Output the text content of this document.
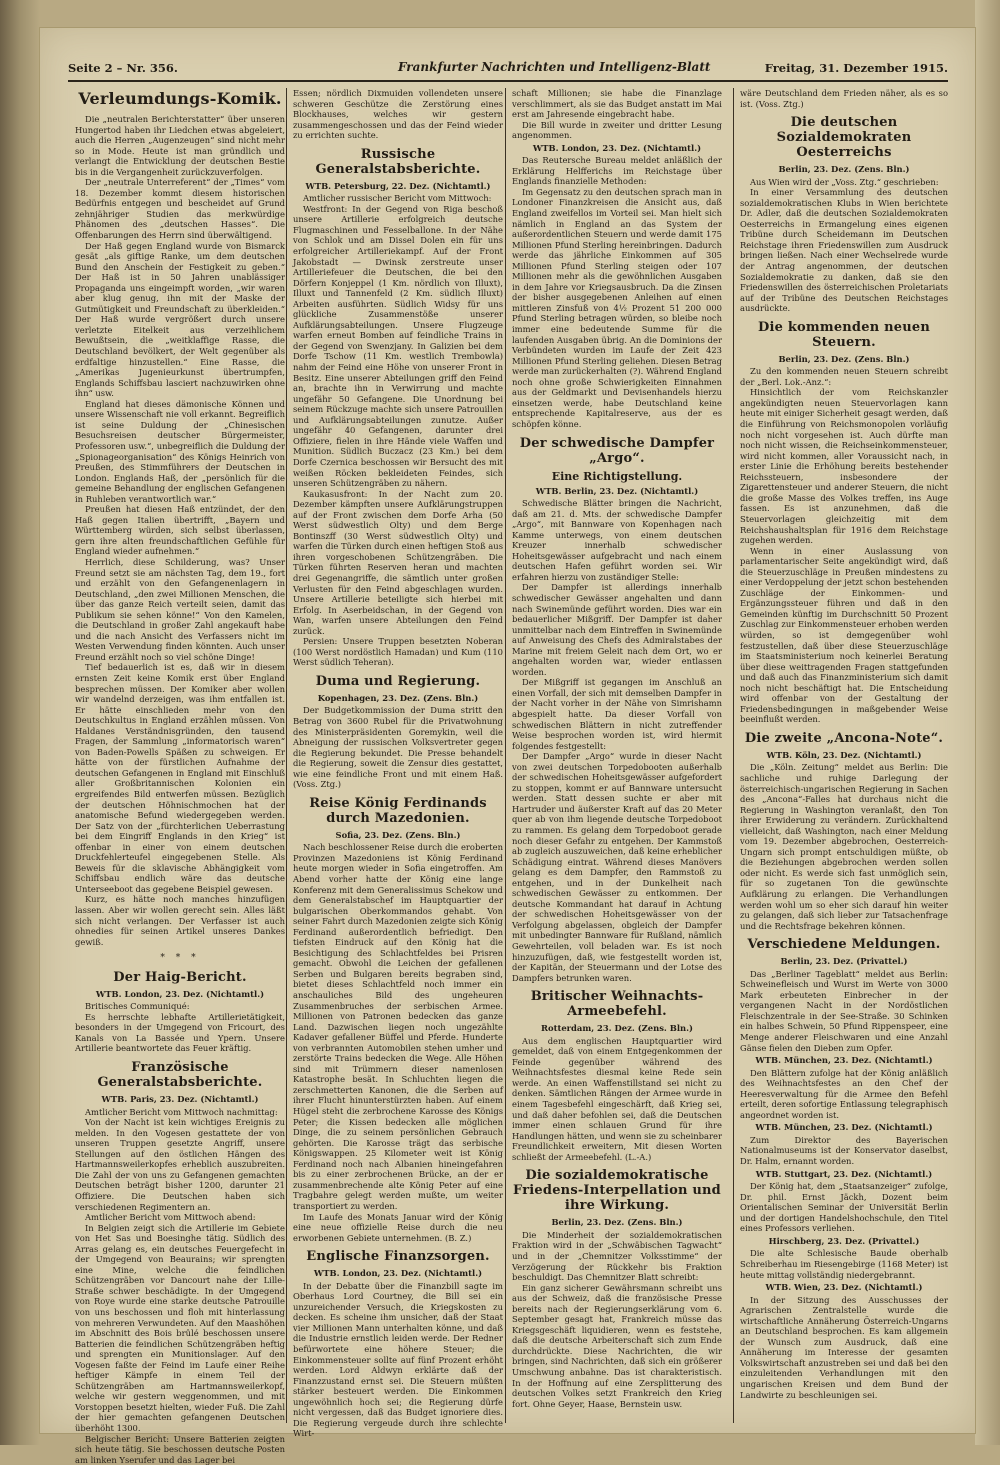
Seite 2 – Nr. 356.	Frankfurter Nachrichten und Intelligenz-Blatt	Freitag, 31. Dezember 1915.
Verleumdungs-Komik.

Die „neutralen Berichterstatter“ über unseren Hungertod haben ihr Liedchen etwas abgeleiert, auch die Herren „Augenzeugen“ sind nicht mehr so in Mode. Heute ist man gründlich und verlangt die Entwicklung der deutschen Bestie bis in die Vergangenheit zurückzuverfolgen.

Der „neutrale Unterreferent“ der „Times“ vom 18. Dezember kommt diesem historischen Bedürfnis entgegen und bescheidet auf Grund zehnjähriger Studien das merkwürdige Phänomen des „deutschen Hasses“. Die Offenbarungen des Herrn sind überwältigend.

Der Haß gegen England wurde von Bismarck gesät „als giftige Ranke, um dem deutschen Bund den Anschein der Festigkeit zu geben.“ Der Haß ist in 50 Jahren unablässiger Propaganda uns eingeimpft worden, „wir waren aber klug genug, ihn mit der Maske der Gutmütigkeit und Freundschaft zu überkleiden.“ Der Haß wurde vergrößert durch unsere verletzte Eitelkeit aus verzeihlichem Bewußtsein, die „weitklaffige Rasse, die Deutschland bevölkert, der Welt gegenüber als erdfaltige hinzustellen.“ Eine Rasse, die „Amerikas Jugenieurkunst übertrumpfen, Englands Schiffsbau lasciert nachzuwirken ohne ihn“ usw.

England hat dieses dämonische Können und unsere Wissenschaft nie voll erkannt. Begreiflich ist seine Duldung der „Chinesischen Besuchsreisen deutscher Bürgermeister, Professoren usw.“, unbegreiflich die Duldung der „Spionageorganisation“ des Königs Heinrich von Preußen, des Stimmführers der Deutschen in London. Englands Haß, der „persönlich für die gemeine Behandlung der englischen Gefangenen in Ruhleben verantwortlich war.“

Preußen hat diesen Haß entzündet, der den Haß gegen Italien übertrifft, „Bayern und Württemberg würden, sich selbst überlassen, gern ihre alten freundschaftlichen Gefühle für England wieder aufnehmen.“

Herrlich, diese Schilderung, was? Unser Freund setzt sie am nächsten Tag, dem 19., fort und erzählt von den Gefangenenlagern in Deutschland, „den zwei Millionen Menschen, die über das ganze Reich verteilt seien, damit das Publikum sie sehen könne!“ Von den Kamelen, die Deutschland in großer Zahl angekauft habe und die nach Ansicht des Verfassers nicht im Westen Verwendung finden könnten. Auch unser Freund erzählt noch so viel schöne Dinge!

Tief bedauerlich ist es, daß wir in diesem ernsten Zeit keine Komik erst über England besprechen müssen. Der Komiker aber wollen wir wandelnd derzeigen, was ihm entfallen ist. Er hätte einschlieden mehr von den Deutschkultus in England erzählen müssen. Von Haldanes Verständnisgründen, den tausend Fragen, der Sammlung „informatorisch waren“ von Baden-Powells Späßen zu schweigen. Er hätte von der fürstlichen Aufnahme der deutschen Gefangenen in England mit Einschluß aller Großbritannischen Kolonien ein ergreifendes Bild entwerfen müssen. Bezüglich der deutschen Höhnischmochen hat der anatomische Befund wiedergegeben werden. Der Satz von der „fürchterlichen Ueberrastung bei dem Eingriff Englands in den Krieg“ ist offenbar in einer von einem deutschen Druckfehlerteufel eingegebenen Stelle. Als Beweis für die sklavische Abhängigkeit vom Schiffsbau endlich wäre das deutsche Unterseeboot das gegebene Beispiel gewesen.

Kurz, es hätte noch manches hinzufügen lassen. Aber wir wollen gerecht sein. Alles läßt sich nicht verlangen. Der Verfasser ist auch ohnedies für seinen Artikel unseres Dankes gewiß.

* * *
Der Haig-Bericht.
WTB. London, 23. Dez. (Nichtamtl.)

Britisches Communiqué:

Es herrschte lebhafte Artillerietätigkeit, besonders in der Umgegend von Fricourt, des Kanals von La Bassée und Ypern. Unsere Artillerie beantwortete das Feuer kräftig.

Französische Generalstabsberichte.
WTB. Paris, 23. Dez. (Nichtamtl.)

Amtlicher Bericht vom Mittwoch nachmittag:

Von der Nacht ist kein wichtiges Ereignis zu melden. In den Vogesen gestattete der von unseren Truppen gesetzte Angriff, unsere Stellungen auf den östlichen Hängen des Hartmannsweilerkopfes erheblich auszubreiten. Die Zahl der von uns zu Gefangenen gemachten Deutschen beträgt bisher 1200, darunter 21 Offiziere. Die Deutschen haben sich verschiedenen Regimentern an.

Amtlicher Bericht vom Mittwoch abend:

In Belgien zeigt sich die Artillerie im Gebiete von Het Sas und Boesinghe tätig. Südlich des Arras gelang es, ein deutsches Feuergefecht in der Umgegend von Beaurains; wir sprengten eine Mine, welche die feindlichen Schützengräben vor Dancourt nahe der Lille-Straße schwer beschädigte. In der Umgegend von Roye wurde eine starke deutsche Patrouille von uns beschossen und floh mit hinterlassung von mehreren Verwundeten. Auf den Maashöhen im Abschnitt des Bois brûlé beschossen unsere Batterien die feindlichen Schützengräben heftig und sprengten ein Munitionslager. Auf den Vogesen faßte der Feind im Laufe einer Reihe heftiger Kämpfe in einem Teil der Schützengräben am Hartmannsweilerkopf, welche wir gestern weggenommen, und mit Vorstoppen besetzt hielten, wieder Fuß. Die Zahl der hier gemachten gefangenen Deutschen überhöht 1300.

Belgischer Bericht: Unsere Batterien zeigten sich heute tätig. Sie beschossen deutsche Posten am linken Yserufer und das Lager bei

Essen; nördlich Dixmuiden vollendeten unsere schweren Geschütze die Zerstörung eines Blockhauses, welches wir gestern zusammengeschossen und das der Feind wieder zu errichten suchte.

Russische Generalstabsberichte.
WTB. Petersburg, 22. Dez. (Nichtamtl.)

Amtlicher russischer Bericht vom Mittwoch:

Westfront: In der Gegend von Riga beschoß unsere Artillerie erfolgreich deutsche Flugmaschinen und Fesselballone. In der Nähe von Schlok und am Dissel Dolen ein für uns erfolgreicher Artilleriekampf. Auf der Front Jakobstadt — Dwinsk zerstreute unser Artilleriefeuer die Deutschen, die bei den Dörfern Konjeppel (1 Km. nördlich von Illuxt), Illuxt und Tannenfeld (2 Km. südlich Illuxt) Arbeiten ausführten. Südlich Widsy für uns glückliche Zusammenstöße unserer Aufklärungsabteilungen. Unsere Flugzeuge warfen erneut Bomben auf feindliche Trains in der Gegend von Swenzjany. In Galizien bei dem Dorfe Tschow (11 Km. westlich Trembowla) nahm der Feind eine Höhe von unserer Front in Besitz. Eine unserer Abteilungen griff den Feind an, brachte ihn in Verwirrung und machte ungefähr 50 Gefangene. Die Unordnung bei seinem Rückzuge machte sich unsere Patrouillen und Aufklärungsabteilungen zunutze. Außer ungefähr 40 Gefangenen, darunter drei Offiziere, fielen in ihre Hände viele Waffen und Munition. Südlich Buczacz (23 Km.) bei dem Dorfe Czernica beschossen wir Bersucht des mit weißen Röcken bekleideten Feindes, sich unseren Schützengräben zu nähern.

Kaukasusfront: In der Nacht zum 20. Dezember kämpften unsere Aufklärungstruppen auf der Front zwischen dem Dorfe Arha (50 Werst südwestlich Olty) und dem Berge Bontinszff (30 Werst südwestlich Olty) und warfen die Türken durch einen heftigen Stoß aus ihren vorgeschobenen Schützengräben. Die Türken führten Reserven heran und machten drei Gegenangriffe, die sämtlich unter großen Verlusten für den Feind abgeschlagen wurden. Unsere Artillerie beteiligte sich hierbei mit Erfolg. In Aserbeidschan, in der Gegend von Wan, warfen unsere Abteilungen den Feind zurück.

Persien: Unsere Truppen besetzten Noberan (100 Werst nordöstlich Hamadan) und Kum (110 Werst südlich Teheran).

Duma und Regierung.
Kopenhagen, 23. Dez. (Zens. Bln.)

Der Budgetkommission der Duma stritt den Betrag von 3600 Rubel für die Privatwohnung des Ministerpräsidenten Goremykin, weil die Abneigung der russischen Volksvertreter gegen die Regierung bekundet. Die Presse behandelt die Regierung, soweit die Zensur dies gestattet, wie eine feindliche Front und mit einem Haß. (Voss. Ztg.)

Reise König Ferdinands durch Mazedonien.
Sofia, 23. Dez. (Zens. Bln.)

Nach beschlossener Reise durch die eroberten Provinzen Mazedoniens ist König Ferdinand heute morgen wieder in Sofia eingetroffen. Am Abend vorher hatte der König eine lange Konferenz mit dem Generalissimus Schekow und dem Generalstabschef im Hauptquartier der bulgarischen Oberkommandos gehabt. Von seiner Fahrt durch Mazedonien zeigte sich König Ferdinand außerordentlich befriedigt. Den tiefsten Eindruck auf den König hat die Besichtigung des Schlachtfeldes bei Prisren gemacht. Obwohl die Leichen der gefallenen Serben und Bulgaren bereits begraben sind, bietet dieses Schlachtfeld noch immer ein anschauliches Bild des ungeheuren Zusammenbruches der serbischen Armee. Millionen von Patronen bedecken das ganze Land. Dazwischen liegen noch ungezählte Kadaver gefallener Büffel und Pferde. Hunderte von verbrannten Automobilen stehen umher und zerstörte Trains bedecken die Wege. Alle Höhen sind mit Trümmern dieser namenlosen Katastrophe besät. In Schluchten liegen die zerschmetterten Kanonen, die die Serben auf ihrer Flucht hinunterstürzten haben. Auf einem Hügel steht die zerbrochene Karosse des Königs Peter; die Kissen bedecken alle möglichen Dinge, die zu seinem persönlichen Gebrauch gehörten. Die Karosse trägt das serbische Königswappen. 25 Kilometer weit ist König Ferdinand noch nach Albanien hineingefahren bis zu einer zerbrochenen Brücke, an der er zusammenbrechende alte König Peter auf eine Tragbahre gelegt werden mußte, um weiter transportiert zu werden.

Im Laufe des Monats Januar wird der König eine neue offizielle Reise durch die neu erworbenen Gebiete unternehmen. (B. Z.)

Englische Finanzsorgen.
WTB. London, 23. Dez. (Nichtamtl.)

In der Debatte über die Finanzbill sagte im Oberhaus Lord Courtney, die Bill sei ein unzureichender Versuch, die Kriegskosten zu decken. Es scheine ihm unsicher, daß der Staat vier Millionen Mann unterhalten könne, und daß die Industrie ernstlich leiden werde. Der Redner befürwortete eine höhere Steuer; die Einkommensteuer sollte auf fünf Prozent erhöht werden. Lord Aldwyn erklärte daß der Finanzzustand ernst sei. Die Steuern müßten stärker besteuert werden. Die Einkommen ungewöhnlich hoch sei; die Regierung dürfe nicht vergessen, daß das Budget ignoriere dies. Die Regierung vergeude durch ihre schlechte Wirt-

schaft Millionen; sie habe die Finanzlage verschlimmert, als sie das Budget anstatt im Mai erst am Jahresende eingebracht habe.

Die Bill wurde in zweiter und dritter Lesung angenommen.

WTB. London, 23. Dez. (Nichtamtl.)

Das Reutersche Bureau meldet anläßlich der Erklärung Helfferichs im Reichstage über Englands finanzielle Methoden:

Im Gegensatz zu den deutschen sprach man in Londoner Finanzkreisen die Ansicht aus, daß England zweifellos im Vorteil sei. Man hielt sich nämlich in England an das System der außerordentlichen Steuern und werde damit 175 Millionen Pfund Sterling hereinbringen. Dadurch werde das jährliche Einkommen auf 305 Millionen Pfund Sterling steigen oder 107 Millionen mehr als die gewöhnlichen Ausgaben in dem Jahre vor Kriegsausbruch. Da die Zinsen der bisher ausgegebenen Anleihen auf einen mittleren Zinsfuß von 4½ Prozent 51 200 000 Pfund Sterling betragen würden, so bleibe noch immer eine bedeutende Summe für die laufenden Ausgaben übrig. An die Dominions der Verbündeten wurden im Laufe der Zeit 423 Millionen Pfund Sterling geliehen. Diesen Betrag werde man zurückerhalten (?). Während England noch ohne große Schwierigkeiten Einnahmen aus der Geldmarkt und Devisenhandels hierzu einsetzen werde, habe Deutschland keine entsprechende Kapitalreserve, aus der es schöpfen könne.

Der schwedische Dampfer „Argo“.
Eine Richtigstellung.
WTB. Berlin, 23. Dez. (Nichtamtl.)

Schwedische Blätter bringen die Nachricht, daß am 21. d. Mts. der schwedische Dampfer „Argo“, mit Bannware von Kopenhagen nach Kamme unterwegs, von einem deutschen Kreuzer innerhalb schwedischer Hoheitsgewässer aufgebracht und nach einem deutschen Hafen geführt worden sei. Wir erfahren hierzu von zuständiger Stelle:

Der Dampfer ist allerdings innerhalb schwedischer Gewässer angehalten und dann nach Swinemünde geführt worden. Dies war ein bedauerlicher Mißgriff. Der Dampfer ist daher unmittelbar nach dem Eintreffen in Swinemünde auf Anweisung des Chefs des Admiralstabes der Marine mit freiem Geleit nach dem Ort, wo er angehalten worden war, wieder entlassen worden.

Der Mißgriff ist gegangen im Anschluß an einen Vorfall, der sich mit demselben Dampfer in der Nacht vorher in der Nähe von Simrishamn abgespielt hatte. Da dieser Vorfall von schwedischen Blättern in nicht zutreffender Weise besprochen worden ist, wird hiermit folgendes festgestellt:

Der Dampfer „Argo“ wurde in dieser Nacht von zwei deutschen Torpedobooten außerhalb der schwedischen Hoheitsgewässer aufgefordert zu stoppen, kommt er auf Bannware untersucht werden. Statt dessen suchte er aber mit Hartruder und äußerster Kraft auf das 20 Meter quer ab von ihm liegende deutsche Torpedoboot zu rammen. Es gelang dem Torpedoboot gerade noch dieser Gefahr zu entgehen. Der Kammstoß ab zugleich auszuweichen, daß keine erheblicher Schädigung eintrat. Während dieses Manövers gelang es dem Dampfer, den Rammstoß zu entgehen, und in der Dunkelheit nach schwedischen Gewässer zu entkommen. Der deutsche Kommandant hat darauf in Achtung der schwedischen Hoheitsgewässer von der Verfolgung abgelassen, obgleich der Dampfer mit unbedingter Bannware für Rußland, nämlich Gewehrteilen, voll beladen war. Es ist noch hinzuzufügen, daß, wie festgestellt worden ist, der Kapitän, der Steuermann und der Lotse des Dampfers betrunken waren.

Britischer Weihnachts-Armeebefehl.
Rotterdam, 23. Dez. (Zens. Bln.)

Aus dem englischen Hauptquartier wird gemeldet, daß von einem Entgegenkommen der Feinde gegenüber während des Weihnachtsfestes diesmal keine Rede sein werde. An einen Waffenstillstand sei nicht zu denken. Sämtlichen Rängen der Armee wurde in einem Tagesbefehl eingeschärft, daß Krieg sei, und daß daher befohlen sei, daß die Deutschen immer einen schlauen Grund für ihre Handlungen hätten, und wenn sie zu scheinbarer Freundlichkeit erweitern, Mit diesen Worten schließt der Armeebefehl. (L.-A.)

Die sozialdemokratische Friedens-Interpellation und ihre Wirkung.
Berlin, 23. Dez. (Zens. Bln.)

Die Minderheit der sozialdemokratischen Fraktion wird in der „Schwäbischen Tagwacht“ und in der „Chemnitzer Volksstimme“ der Verzögerung der Rückkehr bis Fraktion beschuldigt. Das Chemnitzer Blatt schreibt:

Ein ganz sicherer Gewährsmann schreibt uns aus der Schweiz, daß die französische Presse bereits nach der Regierungserklärung vom 6. September gesagt hat, Frankreich müsse das Kriegsgeschäft liquidieren, wenn es feststehe, daß die deutsche Arbeiterschaft sich zum Ende durchdrückte. Diese Nachrichten, die wir bringen, sind Nachrichten, daß sich ein größerer Umschwung anbahne. Das ist charakteristisch. In der Hoffnung auf eine Zersplitterung des deutschen Volkes setzt Frankreich den Krieg fort. Ohne Geyer, Haase, Bernstein usw.

wäre Deutschland dem Frieden näher, als es so ist. (Voss. Ztg.)

Die deutschen Sozialdemokraten Oesterreichs
Berlin, 23. Dez. (Zens. Bln.)

Aus Wien wird der „Voss. Ztg.“ geschrieben:

In einer Versammlung des deutschen sozialdemokratischen Klubs in Wien berichtete Dr. Adler, daß die deutschen Sozialdemokraten Oesterreichs in Ermangelung eines eigenen Tribüne durch Scheidemann im Deutschen Reichstage ihren Friedenswillen zum Ausdruck bringen ließen. Nach einer Wechselrede wurde der Antrag angenommen, der deutschen Sozialdemokratie zu danken, daß sie den Friedenswillen des österreichischen Proletariats auf der Tribüne des Deutschen Reichstages ausdrückte.

Die kommenden neuen Steuern.
Berlin, 23. Dez. (Zens. Bln.)

Zu den kommenden neuen Steuern schreibt der „Berl. Lok.-Anz.“:

Hinsichtlich der vom Reichskanzler angekündigten neuen Steuervorlagen kann heute mit einiger Sicherheit gesagt werden, daß die Einführung von Reichsmonopolen vorläufig noch nicht vorgesehen ist. Auch dürfte man noch nicht wissen, die Reichseinkommensteuer, wird nicht kommen, aller Voraussicht nach, in erster Linie die Erhöhung bereits bestehender Reichssteuern, insbesondere der Zigarettensteuer und anderer Steuern, die nicht die große Masse des Volkes treffen, ins Auge fassen. Es ist anzunehmen, daß die Steuervorlagen gleichzeitig mit dem Reichshaushaltsplan für 1916 dem Reichstage zugehen werden.

Wenn in einer Auslassung von parlamentarischer Seite angekündigt wird, daß die Steuerzuschläge in Preußen mindestens zu einer Verdoppelung der jetzt schon bestehenden Zuschläge der Einkommen- und Ergänzungssteuer führen und daß in den Gemeinden künftig im Durchschnitt 50 Prozent Zuschlag zur Einkommensteuer erhoben werden würden, so ist demgegenüber wohl festzustellen, daß über diese Steuerzuschläge im Staatsministerium noch keinerlei Beratung über diese weittragenden Fragen stattgefunden und daß auch das Finanzministerium sich damit noch nicht beschäftigt hat. Die Entscheidung wird offenbar von der Gestaltung der Friedensbedingungen in maßgebender Weise beeinflußt werden.

Die zweite „Ancona-Note“.
WTB. Köln, 23. Dez. (Nichtamtl.)

Die „Köln. Zeitung“ meldet aus Berlin: Die sachliche und ruhige Darlegung der österreichisch-ungarischen Regierung in Sachen des „Ancona“-Falles hat durchaus nicht die Regierung in Washington veranlaßt, den Ton ihrer Erwiderung zu verändern. Zurückhaltend vielleicht, daß Washington, nach einer Meldung vom 19. Dezember abgebrochen, Oesterreich-Ungarn sich prompt entschuldigen müßte, ob die Beziehungen abgebrochen werden sollen oder nicht. Es werde sich fast unmöglich sein, für so zugetanen Ton die gewünschte Aufklärung zu erlangen. Die Verhandlungen werden wohl um so eher sich darauf hin weiter zu gelangen, daß sich lieber zur Tatsachenfrage und die Rechtsfrage bekehren können.

Verschiedene Meldungen.
Berlin, 23. Dez. (Privattel.)

Das „Berliner Tageblatt“ meldet aus Berlin: Schweinefleisch und Wurst im Werte von 3000 Mark erbeuteten Einbrecher in der vergangenen Nacht in der Nordöstlichen Fleischzentrale in der See-Straße. 30 Schinken ein halbes Schwein, 50 Pfund Rippenspeer, eine Menge anderer Fleischwaren und eine Anzahl Gänse fielen den Dieben zum Opfer.

WTB. München, 23. Dez. (Nichtamtl.)

Den Blättern zufolge hat der König anläßlich des Weihnachtsfestes an den Chef der Heeresverwaltung für die Armee den Befehl erteilt, deren sofortige Entlassung telegraphisch angeordnet worden ist.

WTB. München, 23. Dez. (Nichtamtl.)

Zum Direktor des Bayerischen Nationalmuseums ist der Konservator daselbst, Dr. Halm, ernannt worden.

WTB. Stuttgart, 23. Dez. (Nichtamtl.)

Der König hat, dem „Staatsanzeiger“ zufolge, Dr. phil. Ernst Jäckh, Dozent beim Orientalischen Seminar der Universität Berlin und der dortigen Handelshochschule, den Titel eines Professors verliehen.

Hirschberg, 23. Dez. (Privattel.)

Die alte Schlesische Baude oberhalb Schreiberhau im Riesengebirge (1168 Meter) ist heute mittag vollständig niedergebrannt.

WTB. Wien, 23. Dez. (Nichtamtl.)

In der Sitzung des Ausschusses der Agrarischen Zentralstelle wurde die wirtschaftliche Annäherung Österreich-Ungarns an Deutschland besprochen. Es kam allgemein der Wunsch zum Ausdruck, daß eine Annäherung im Interesse der gesamten Volkswirtschaft anzustreben sei und daß bei den einzuleitenden Verhandlungen mit den ungarischen Kreisen und dem Bund der Landwirte zu beschleunigen sei.
